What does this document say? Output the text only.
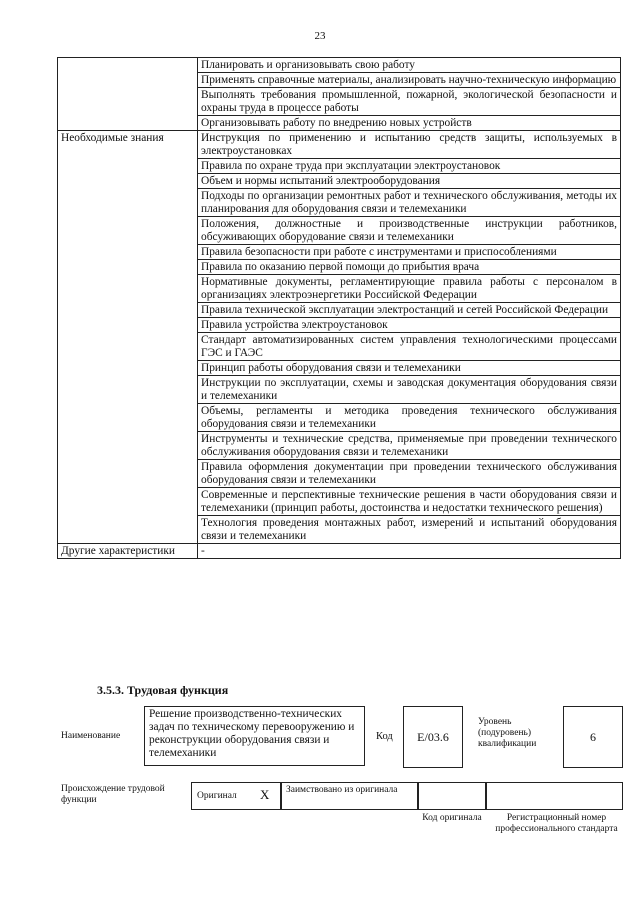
23
	Планировать и организовывать свою работу
	Применять справочные материалы, анализировать научно-техническую информацию
	Выполнять требования промышленной, пожарной, экологической безопасности и охраны труда в процессе работы
	Организовывать работу по внедрению новых устройств
Необходимые знания	Инструкция по применению и испытанию средств защиты, используемых в электроустановках
	Правила по охране труда при эксплуатации электроустановок
	Объем и нормы испытаний электрооборудования
	Подходы по организации ремонтных работ и технического обслуживания, методы их планирования для оборудования связи и телемеханики
	Положения, должностные и производственные инструкции работников, обсуживающих оборудование связи и телемеханики
	Правила безопасности при работе с инструментами и приспособлениями
	Правила по оказанию первой помощи до прибытия врача
	Нормативные документы, регламентирующие правила работы с персоналом в организациях электроэнергетики Российской Федерации
	Правила технической эксплуатации электростанций и сетей Российской Федерации
	Правила устройства электроустановок
	Стандарт автоматизированных систем управления технологическими процессами ГЭС и ГАЭС
	Принцип работы оборудования связи и телемеханики
	Инструкции по эксплуатации, схемы и заводская документация оборудования связи и телемеханики
	Объемы, регламенты и методика проведения технического обслуживания оборудования связи и телемеханики
	Инструменты и технические средства, применяемые при проведении технического обслуживания оборудования связи и телемеханики
	Правила оформления документации при проведении технического обслуживания оборудования связи и телемеханики
	Современные и перспективные технические решения в части оборудования связи и телемеханики (принцип работы, достоинства и недостатки технического решения)
	Технология проведения монтажных работ, измерений и испытаний оборудования связи и телемеханики
Другие характеристики	-
3.5.3. Трудовая функция
Наименование
Решение производственно-технических задач по техническому перевооружению и реконструкции оборудования связи и телемеханики
Код	E/03.6
Уровень (подуровень) квалификации
6
Происхождение трудовой функции	Оригинал X	Заимствовано из оригинала
Код оригинала	Регистрационный номер профессионального стандарта
